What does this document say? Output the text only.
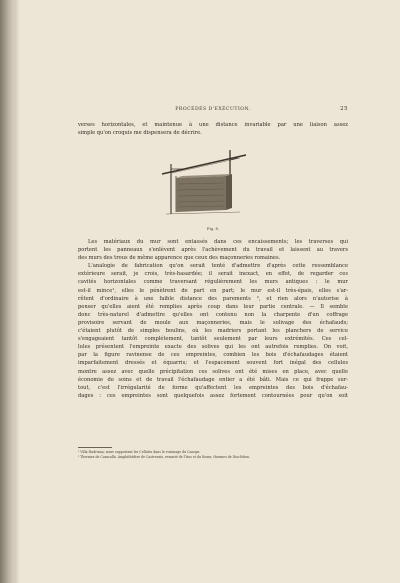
PROCÉDÉS D'EXÉCUTION.	25
verses horizontales, et maintenue à une distance invariable par une liaison assez
simple qu'on croquis me dispensera de décrire.
Fig. 8.
Les matériaux du mur sont entassés dans ces encaissements; les traverses qui
portent les panneaux s'enlèvent après l'achèvement du travail et laissent au travers
des murs des trous de même apparence que ceux des maçonneries romaines.
L'analogie de fabrication qu'on serait tenté d'admettre d'après cette ressemblance
extérieure serait, je crois, très-hasardée; il serait inexact, en effet, de regarder ces
cavités horizontales comme traversant régulièrement les murs antiques : le mur
est-il mince¹, elles le pénètrent de part en part; le mur est-il très-épais, elles s'ar-
rêtent d'ordinaire à une faible distance des parements ², et rien alors n'autorise à
penser qu'elles aient été remplies après coup dans leur partie centrale. — Il semble
donc très-naturel d'admettre qu'elles ont contenu non la charpente d'un coffrage
provisoire servant de moule aux maçonneries, mais le solivage des échafauds;
c'étaient plutôt de simples boulins, où les madriers portant les planchers de service
s'engageaient tantôt complétement, tantôt seulement par leurs extrémités. Ces cel-
lules présentent l'empreinte exacte des solives qui les ont autrefois remplies. On voit,
par la figure ravinense de ces empreintes, combien les bois d'échafaudages étaient
imparfaitement dressés et équarris; et l'espacement souvent fort inégal des cellules
montre assez avec quelle précipitation ces solives ont été mises en place, avec quelle
économie de soins et de travail l'échafaudage entier a été bâti. Mais ce qui frappe sur-
tout, c'est l'irrégularité de forme qu'affectent les empreintes des bois d'échafau-
dages : ces empreintes sont quelquefois assez fortement contournées pour qu'on soit
¹ Villa Hadriana; murs supportant les Cellules dans le voisinage du Canope.
² Thermes de Caracalla. Amphithéâtre de Castrensis, remarié de Titus et du Rome, thermes de Dioclétien.
